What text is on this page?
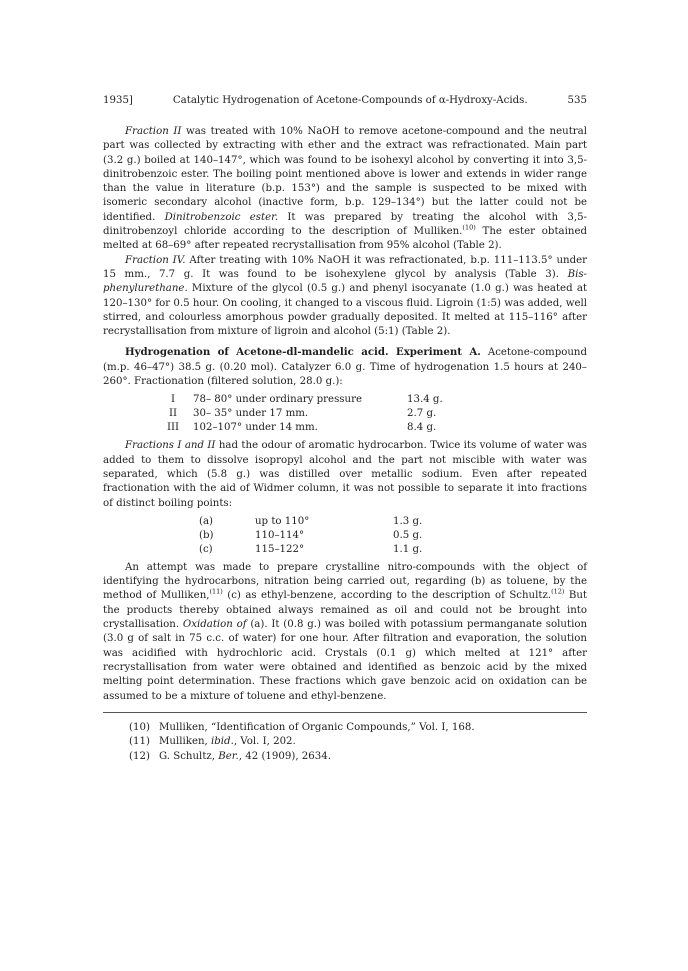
1935]	Catalytic Hydrogenation of Acetone-Compounds of α-Hydroxy-Acids.	535

Fraction II was treated with 10% NaOH to remove acetone-compound and the neutral part was collected by extracting with ether and the extract was refractionated. Main part (3.2 g.) boiled at 140–147°, which was found to be isohexyl alcohol by converting it into 3,5-dinitrobenzoic ester. The boiling point mentioned above is lower and extends in wider range than the value in literature (b.p. 153°) and the sample is suspected to be mixed with isomeric secondary alcohol (inactive form, b.p. 129–134°) but the latter could not be identified. Dinitrobenzoic ester. It was prepared by treating the alcohol with 3,5-dinitrobenzoyl chloride according to the description of Mulliken.$^{(10)}$ The ester obtained melted at 68–69° after repeated recrystallisation from 95% alcohol (Table 2).

Fraction IV. After treating with 10% NaOH it was refractionated, b.p. 111–113.5° under 15 mm., 7.7 g. It was found to be isohexylene glycol by analysis (Table 3). Bis-phenylurethane. Mixture of the glycol (0.5 g.) and phenyl isocyanate (1.0 g.) was heated at 120–130° for 0.5 hour. On cooling, it changed to a viscous fluid. Ligroin (1:5) was added, well stirred, and colourless amorphous powder gradually deposited. It melted at 115–116° after recrystallisation from mixture of ligroin and alcohol (5:1) (Table 2).

Hydrogenation of Acetone-dl-mandelic acid. Experiment A. Acetone-compound (m.p. 46–47°) 38.5 g. (0.20 mol). Catalyzer 6.0 g. Time of hydrogenation 1.5 hours at 240–260°. Fractionation (filtered solution, 28.0 g.):

I	78– 80° under ordinary pressure	13.4 g.
II	30– 35° under 17 mm.	2.7 g.
III	102–107° under 14 mm.	8.4 g.

Fractions I and II had the odour of aromatic hydrocarbon. Twice its volume of water was added to them to dissolve isopropyl alcohol and the part not miscible with water was separated, which (5.8 g.) was distilled over metallic sodium. Even after repeated fractionation with the aid of Widmer column, it was not possible to separate it into fractions of distinct boiling points:

(a)	up to 110°	1.3 g.
(b)	110–114°	0.5 g.
(c)	115–122°	1.1 g.

An attempt was made to prepare crystalline nitro-compounds with the object of identifying the hydrocarbons, nitration being carried out, regarding (b) as toluene, by the method of Mulliken,$^{(11)}$ (c) as ethyl-benzene, according to the description of Schultz.$^{(12)}$ But the products thereby obtained always remained as oil and could not be brought into crystallisation. Oxidation of (a). It (0.8 g.) was boiled with potassium permanganate solution (3.0 g of salt in 75 c.c. of water) for one hour. After filtration and evaporation, the solution was acidified with hydrochloric acid. Crystals (0.1 g) which melted at 121° after recrystallisation from water were obtained and identified as benzoic acid by the mixed melting point determination. These fractions which gave benzoic acid on oxidation can be assumed to be a mixture of toluene and ethyl-benzene.

(10) Mulliken, “Identification of Organic Compounds,” Vol. I, 168.
(11) Mulliken, ibid., Vol. I, 202.
(12) G. Schultz, Ber., 42 (1909), 2634.
